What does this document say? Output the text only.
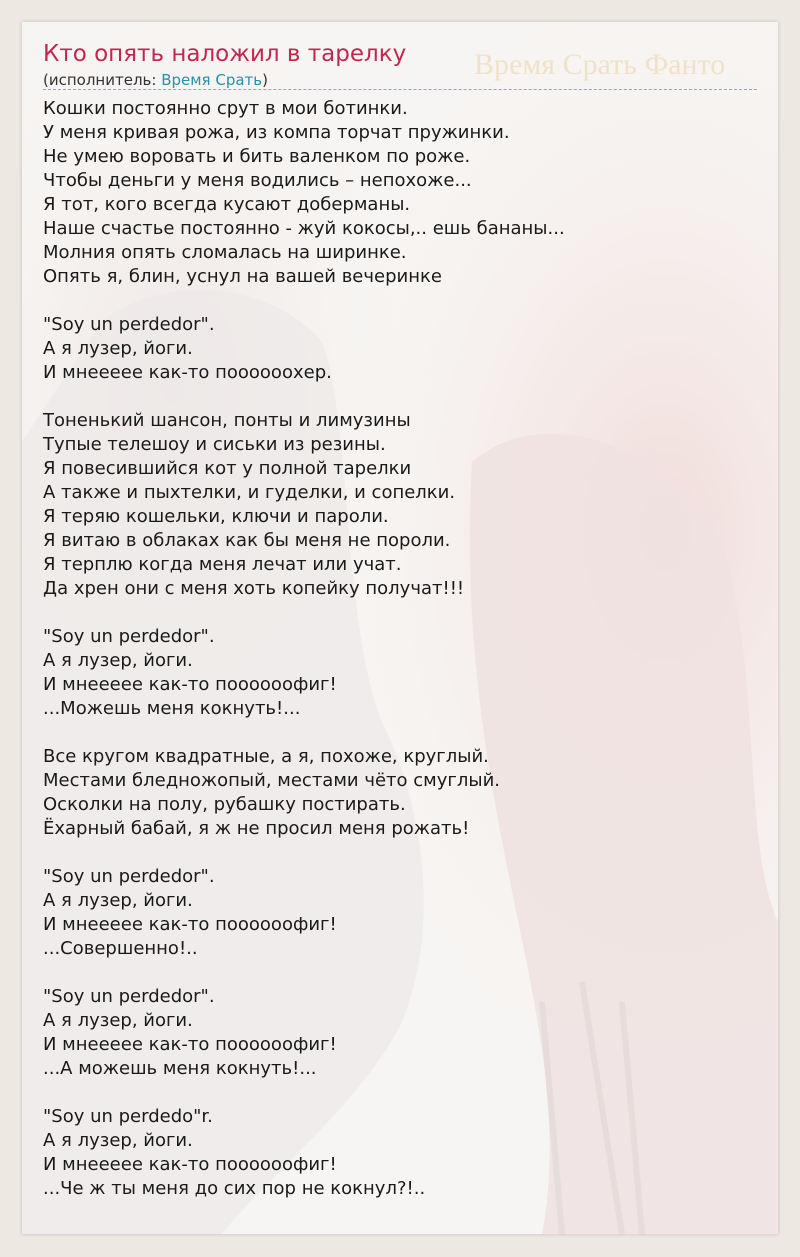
Время Срать Фанто
Кто опять наложил в тарелку
(исполнитель: Время Срать)
Кошки постоянно срут в мои ботинки.
У меня кривая рожа, из компа торчат пружинки.
Не умею воровать и бить валенком по роже.
Чтобы деньги у меня водились – непохоже...
Я тот, кого всегда кусают доберманы.
Наше счастье постоянно - жуй кокосы,.. ешь бананы...
Молния опять сломалась на ширинке.
Опять я, блин, уснул на вашей вечеринке
"Soy un perdedor".
А я лузер, йоги.
И мнеееее как-то поооооохер.
Тоненький шансон, понты и лимузины
Тупые телешоу и сиськи из резины.
Я повесившийся кот у полной тарелки
А также и пыхтелки, и гуделки, и сопелки.
Я теряю кошельки, ключи и пароли.
Я витаю в облаках как бы меня не пороли.
Я терплю когда меня лечат или учат.
Да хрен они с меня хоть копейку получат!!!
"Soy un perdedor".
А я лузер, йоги.
И мнеееее как-то поооооофиг!
...Можешь меня кокнуть!...
Все кругом квадратные, а я, похоже, круглый.
Местами бледножопый, местами чёто смуглый.
Осколки на полу, рубашку постирать.
Ёхарный бабай, я ж не просил меня рожать!
"Soy un perdedor".
А я лузер, йоги.
И мнеееее как-то поооооофиг!
...Совершенно!..
"Soy un perdedor".
А я лузер, йоги.
И мнеееее как-то поооооофиг!
...А можешь меня кокнуть!...
"Soy un perdedo"r.
А я лузер, йоги.
И мнеееее как-то поооооофиг!
...Че ж ты меня до сих пор не кокнул?!..
